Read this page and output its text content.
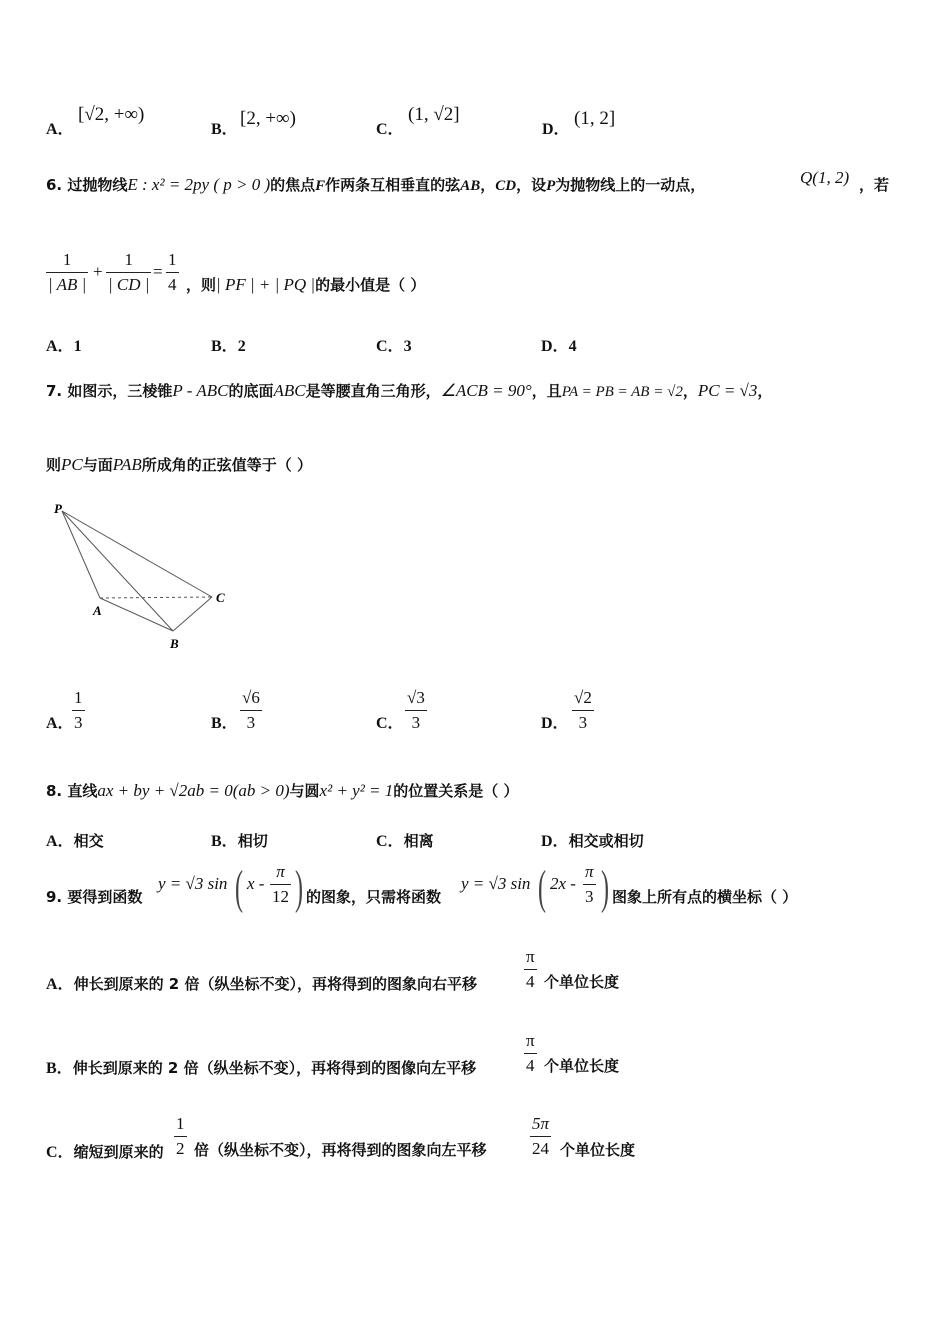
A．
[√2, +∞)
B．
[2, +∞)
C．
(1, √2]
D．
(1, 2]
6. 过抛物线E : x² = 2py ( p > 0 )的焦点F作两条互相垂直的弦AB，CD，设P为抛物线上的一动点，	Q(1, 2) ，若
$\frac{1}{| AB |} + \frac{1}{| CD |} = \frac{1}{4}$ ，则| PF | + | PQ |的最小值是（ ）
A．1	B．2	C．3	D．4
7. 如图示，三棱锥P - ABC的底面ABC是等腰直角三角形，∠ACB = 90°，且PA = PB = AB = √2，PC = √3，
则PC与面PAB所成角的正弦值等于（ ）
P
A
B
C
A．
$\frac{1}{3}$	B． $\frac{√6}{3}$	C． $\frac{√3}{3}$	D． $\frac{√2}{3}$
8. 直线ax + by + √2ab = 0(ab > 0)与圆x² + y² = 1的位置关系是（ ）
A．相交	B．相切	C．相离	D．相交或相切
9. 要得到函数
y = √3 sin ( x - $\frac{\pi}{12}$ ) 的图象，只需将函数
y = √3 sin ( $2x - \frac{\pi}{3}$ ) 图象上所有点的横坐标（ ）
A．伸长到原来的 2 倍（纵坐标不变），再将得到的图象向右平移	$\frac{\pi}{4}$ 个单位长度
B．伸长到原来的 2 倍（纵坐标不变），再将得到的图像向左平移	$\frac{\pi}{4}$ 个单位长度
C．缩短到原来的 $\frac{1}{2}$ 倍（纵坐标不变），再将得到的图象向左平移	$\frac{5\pi}{24}$ 个单位长度
